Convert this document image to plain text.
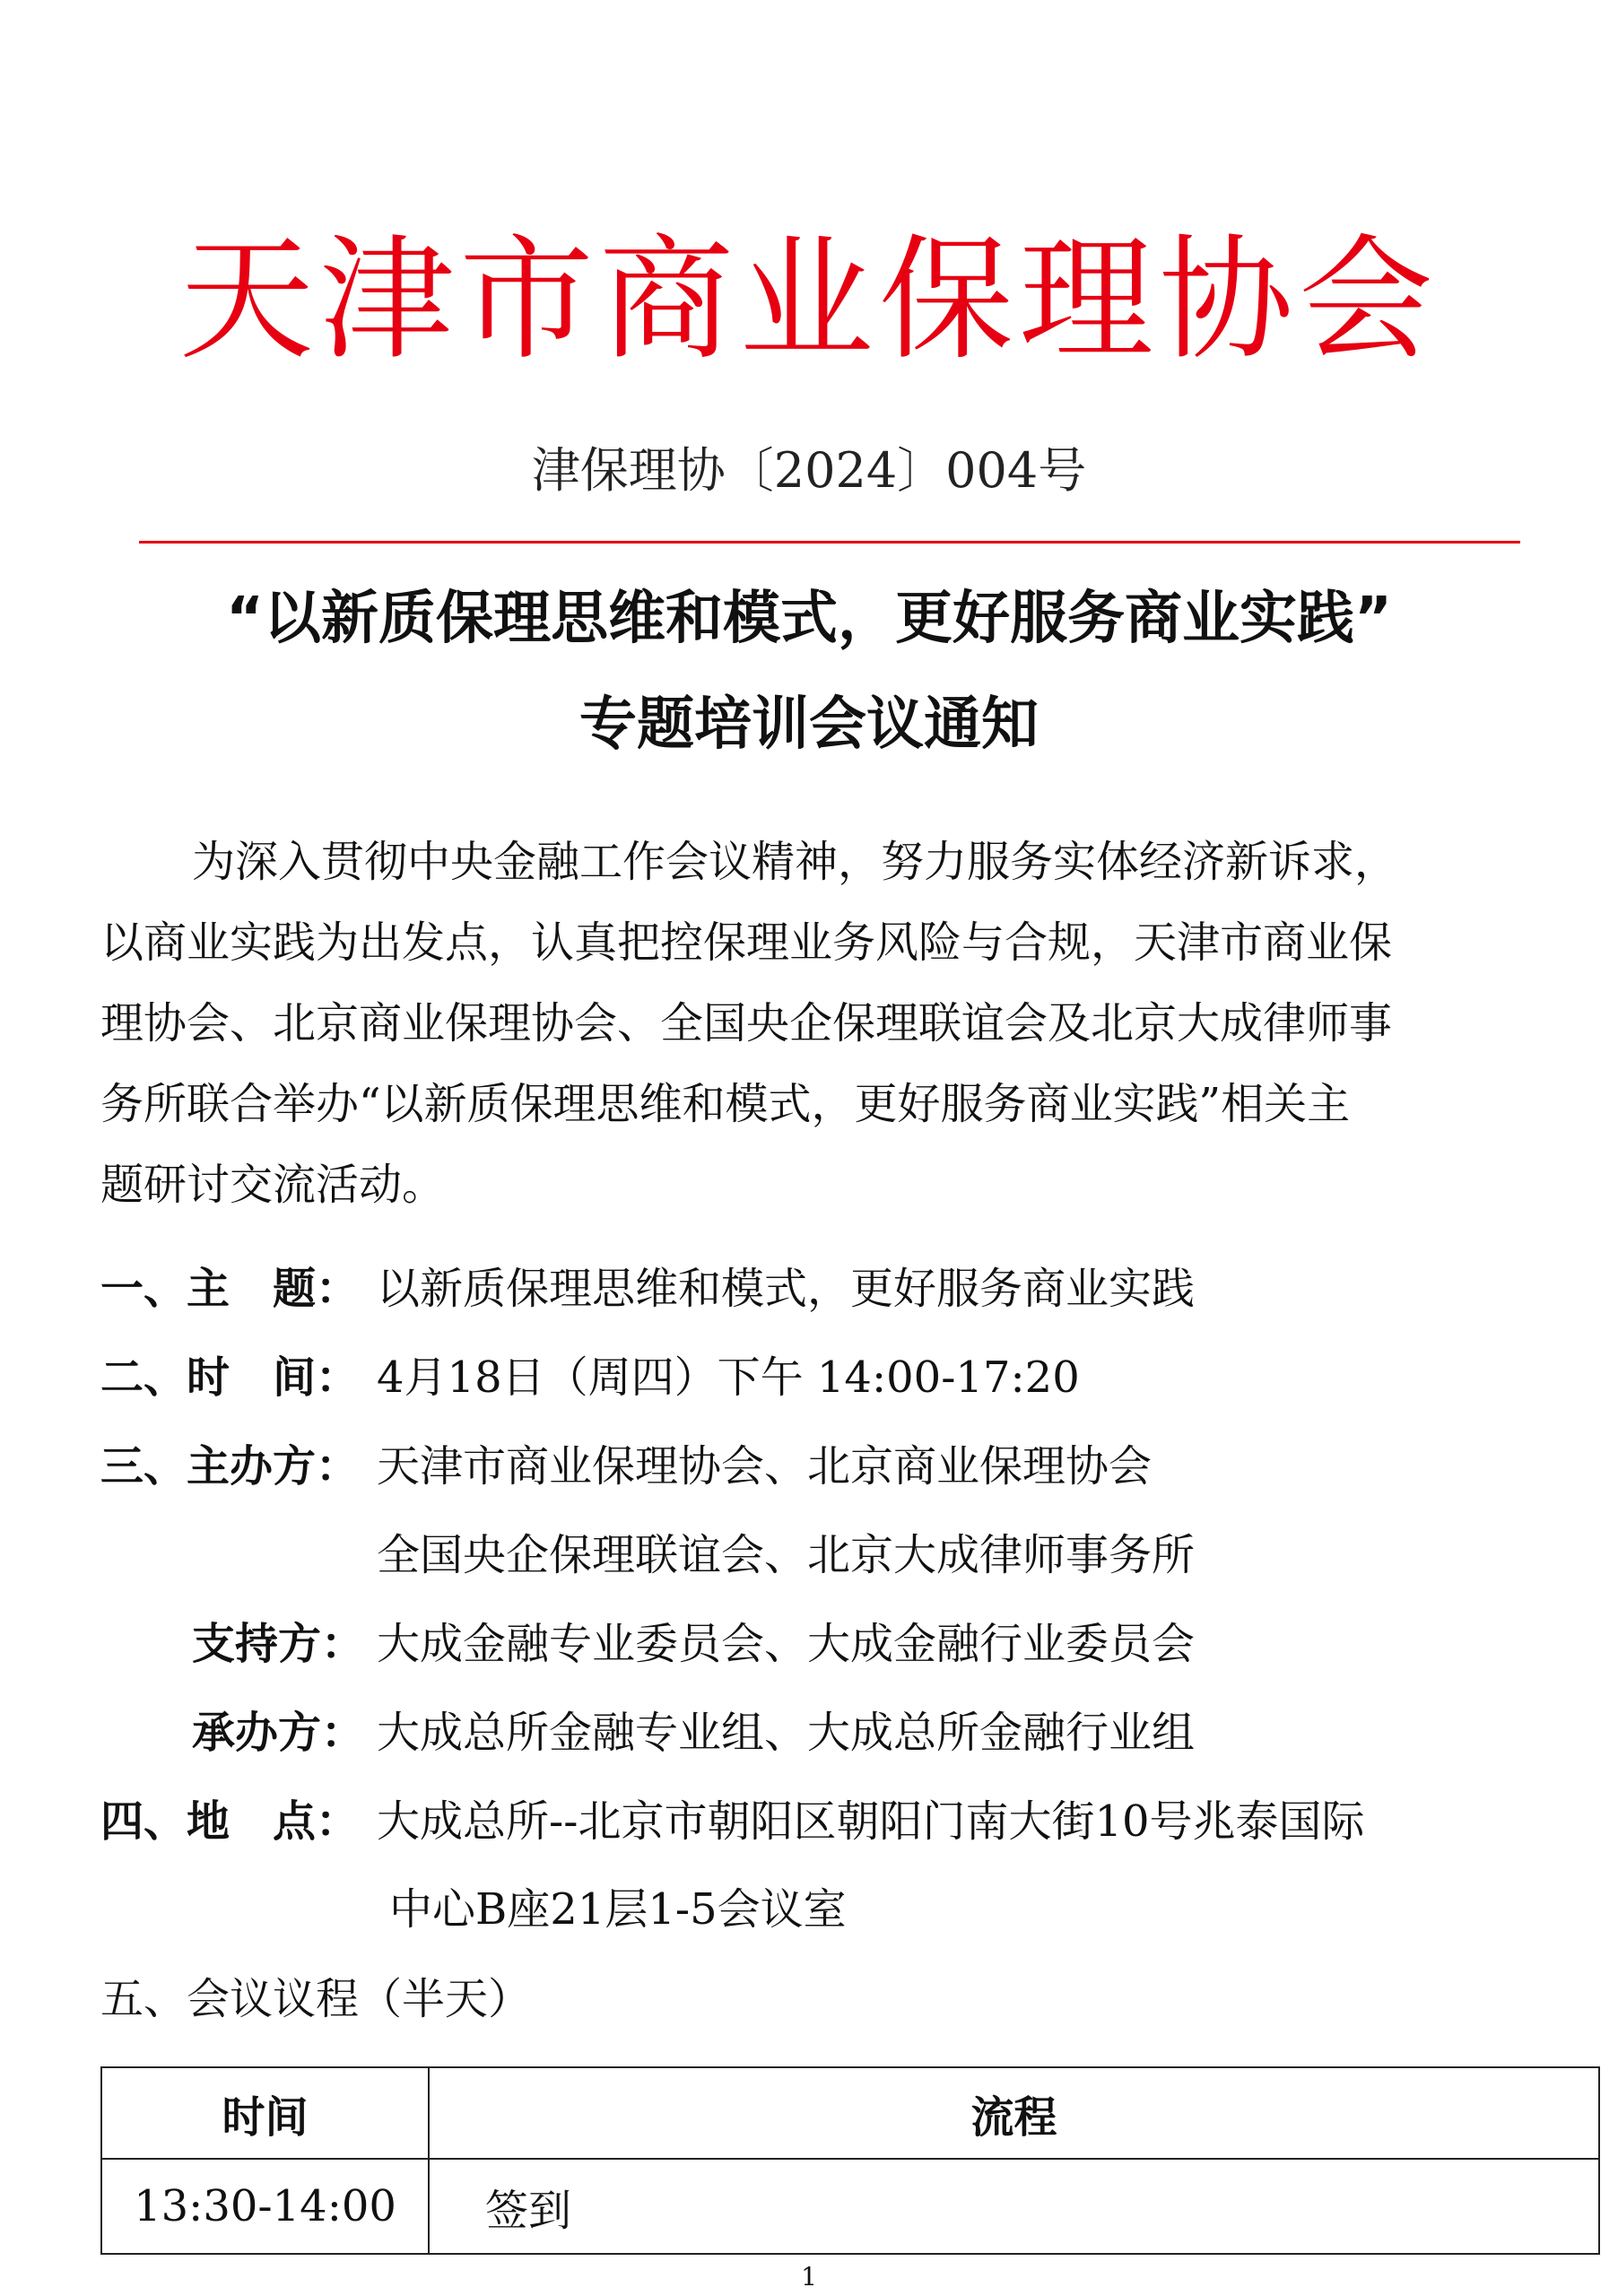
天津市商业保理协会
津保理协〔2024〕004号
“以新质保理思维和模式，更好服务商业实践”
专题培训会议通知
为深入贯彻中央金融工作会议精神，努力服务实体经济新诉求，
以商业实践为出发点，认真把控保理业务风险与合规，天津市商业保
理协会、北京商业保理协会、全国央企保理联谊会及北京大成律师事
务所联合举办“以新质保理思维和模式，更好服务商业实践”相关主
题研讨交流活动。
一、主　题： 以新质保理思维和模式，更好服务商业实践
二、时　间： 4月18日（周四）下午 14:00-17:20
三、主办方： 天津市商业保理协会、北京商业保理协会
全国央企保理联谊会、北京大成律师事务所
支持方： 大成金融专业委员会、大成金融行业委员会
承办方： 大成总所金融专业组、大成总所金融行业组
四、地　点： 大成总所--北京市朝阳区朝阳门南大街10号兆泰国际
中心B座21层1-5会议室
五、会议议程（半天）
时间	流程
13:30-14:00	签到
1
